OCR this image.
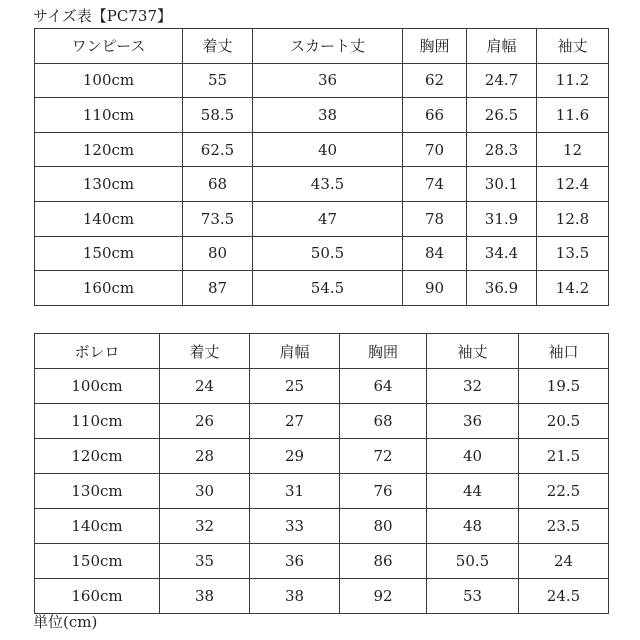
サイズ表【PC737】
ワンピース	着丈	スカート丈	胸囲	肩幅	袖丈
100cm	55	36	62	24.7	11.2
110cm	58.5	38	66	26.5	11.6
120cm	62.5	40	70	28.3	12
130cm	68	43.5	74	30.1	12.4
140cm	73.5	47	78	31.9	12.8
150cm	80	50.5	84	34.4	13.5
160cm	87	54.5	90	36.9	14.2
ボレロ	着丈	肩幅	胸囲	袖丈	袖口
100cm	24	25	64	32	19.5
110cm	26	27	68	36	20.5
120cm	28	29	72	40	21.5
130cm	30	31	76	44	22.5
140cm	32	33	80	48	23.5
150cm	35	36	86	50.5	24
160cm	38	38	92	53	24.5
単位(cm)
